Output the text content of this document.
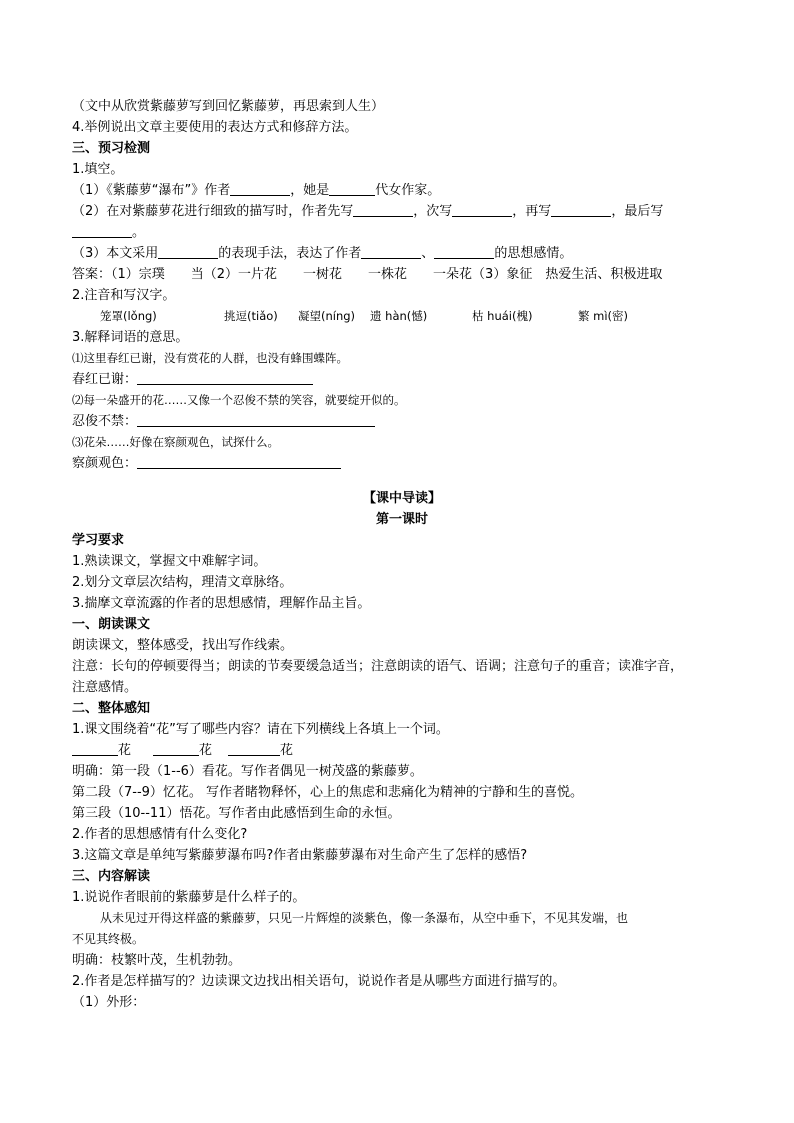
（文中从欣赏紫藤萝写到回忆紫藤萝，再思索到人生）
4.举例说出文章主要使用的表达方式和修辞方法。
三、预习检测
1.填空。
（1）《紫藤萝“瀑布”》作者	，她是	代女作家。
（2）在对紫藤萝花进行细致的描写时，作者先写	，次写	，再写	，最后写
。
（3）本文采用	的表现手法，表达了作者	、	的思想感情。
答案：（1）宗璞　　当（2）一片花　　一树花　　一株花　　一朵花（3）象征　热爱生活、积极进取
2.注音和写汉字。
笼罩(lǒng)	挑逗(tiǎo) 凝望(níng) 遗 hàn(憾)	枯 huái(槐)	繁 mì(密)
3.解释词语的意思。
⑴这里春红已谢，没有赏花的人群，也没有蜂围蝶阵。
春红已谢：
⑵每一朵盛开的花……又像一个忍俊不禁的笑容，就要绽开似的。
忍俊不禁：
⑶花朵……好像在察颜观色，试探什么。
察颜观色：
【课中导读】
第一课时
学习要求
1.熟读课文，掌握文中难解字词。
2.划分文章层次结构，理清文章脉络。
3.揣摩文章流露的作者的思想感情，理解作品主旨。
一、朗读课文
朗读课文，整体感受，找出写作线索。
注意：长句的停顿要得当；朗读的节奏要缓急适当；注意朗读的语气、语调；注意句子的重音；读准字音，
注意感情。
二、整体感知
1.课文围绕着“花”写了哪些内容？请在下列横线上各填上一个词。
花	花	花
明确：第一段（1--6）看花。写作者偶见一树茂盛的紫藤萝。
第二段（7--9）忆花。 写作者睹物释怀，心上的焦虑和悲痛化为精神的宁静和生的喜悦。
第三段（10--11）悟花。写作者由此感悟到生命的永恒。
2.作者的思想感情有什么变化?
3.这篇文章是单纯写紫藤萝瀑布吗?作者由紫藤萝瀑布对生命产生了怎样的感悟?
三、内容解读
1.说说作者眼前的紫藤萝是什么样子的。
从未见过开得这样盛的紫藤萝，只见一片辉煌的淡紫色，像一条瀑布，从空中垂下，不见其发端，也
不见其终极。
明确：枝繁叶茂，生机勃勃。
2.作者是怎样描写的？边读课文边找出相关语句，说说作者是从哪些方面进行描写的。
（1）外形：
